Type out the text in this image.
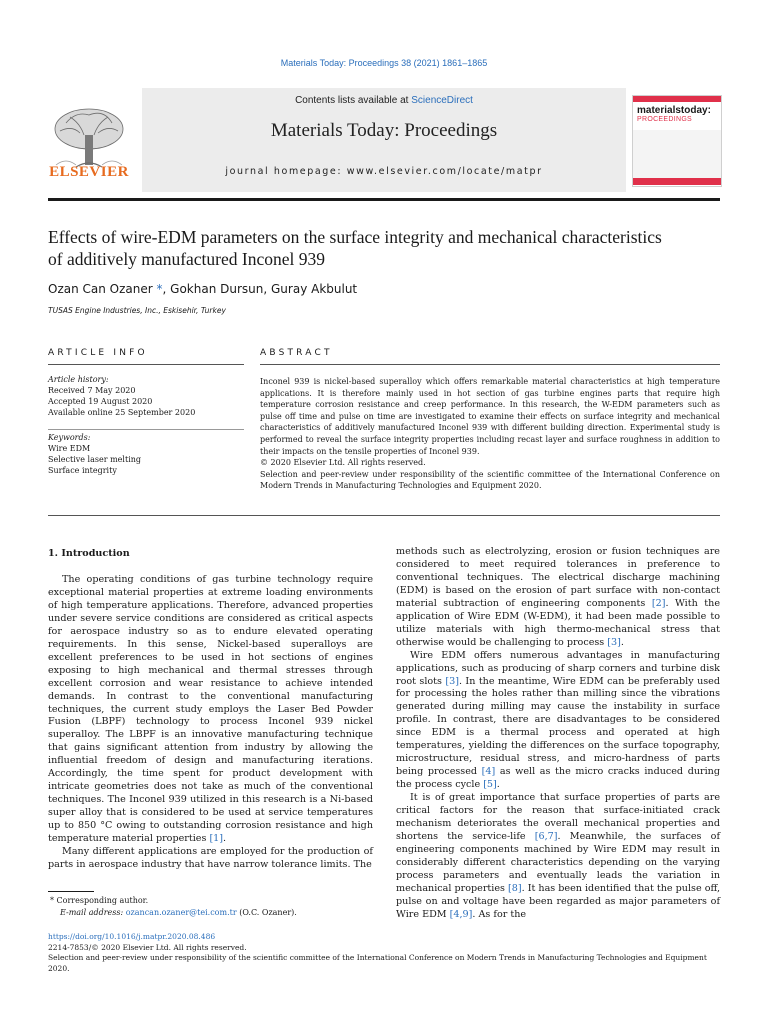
Materials Today: Proceedings 38 (2021) 1861–1865
ELSEVIER
Contents lists available at ScienceDirect
Materials Today: Proceedings
journal homepage: www.elsevier.com/locate/matpr
materialstoday:
PROCEEDINGS
Effects of wire-EDM parameters on the surface integrity and mechanical characteristics of additively manufactured Inconel 939
Ozan Can Ozaner *, Gokhan Dursun, Guray Akbulut
TUSAS Engine Industries, Inc., Eskisehir, Turkey
ARTICLE INFO	ABSTRACT
Article history:
Received 7 May 2020
Accepted 19 August 2020
Available online 25 September 2020
Keywords:
Wire EDM
Selective laser melting
Surface integrity

Inconel 939 is nickel-based superalloy which offers remarkable material characteristics at high temperature applications. It is therefore mainly used in hot section of gas turbine engines parts that require high temperature corrosion resistance and creep performance. In this research, the W-EDM parameters such as pulse off time and pulse on time are investigated to examine their effects on surface integrity and mechanical characteristics of additively manufactured Inconel 939 with different building direction. Experimental study is performed to reveal the surface integrity properties including recast layer and surface roughness in addition to their impacts on the tensile properties of Inconel 939.

© 2020 Elsevier Ltd. All rights reserved.

Selection and peer-review under responsibility of the scientific committee of the International Conference on Modern Trends in Manufacturing Technologies and Equipment 2020.

1. Introduction

The operating conditions of gas turbine technology require exceptional material properties at extreme loading environments of high temperature applications. Therefore, advanced properties under severe service conditions are considered as critical aspects for aerospace industry so as to endure elevated operating requirements. In this sense, Nickel-based superalloys are excellent preferences to be used in hot sections of engines exposing to high mechanical and thermal stresses through excellent corrosion and wear resistance to achieve intended demands. In contrast to the conventional manufacturing techniques, the current study employs the Laser Bed Powder Fusion (LBPF) technology to process Inconel 939 nickel superalloy. The LBPF is an innovative manufacturing technique that gains significant attention from industry by allowing the influential freedom of design and manufacturing iterations. Accordingly, the time spent for product development with intricate geometries does not take as much of the conventional techniques. The Inconel 939 utilized in this research is a Ni-based super alloy that is considered to be used at service temperatures up to 850 °C owing to outstanding corrosion resistance and high temperature material properties [1].

Many different applications are employed for the production of parts in aerospace industry that have narrow tolerance limits. The

methods such as electrolyzing, erosion or fusion techniques are considered to meet required tolerances in preference to conventional techniques. The electrical discharge machining (EDM) is based on the erosion of part surface with non-contact material subtraction of engineering components [2]. With the application of Wire EDM (W-EDM), it had been made possible to utilize materials with high thermo-mechanical stress that otherwise would be challenging to process [3].

Wire EDM offers numerous advantages in manufacturing applications, such as producing of sharp corners and turbine disk root slots [3]. In the meantime, Wire EDM can be preferably used for processing the holes rather than milling since the vibrations generated during milling may cause the instability in surface profile. In contrast, there are disadvantages to be considered since EDM is a thermal process and operated at high temperatures, yielding the differences on the surface topography, microstructure, residual stress, and micro-hardness of parts being processed [4] as well as the micro cracks induced during the process cycle [5].

It is of great importance that surface properties of parts are critical factors for the reason that surface-initiated crack mechanism deteriorates the overall mechanical properties and shortens the service-life [6,7]. Meanwhile, the surfaces of engineering components machined by Wire EDM may result in considerably different characteristics depending on the varying process parameters and eventually leads the variation in mechanical properties [8]. It has been identified that the pulse off, pulse on and voltage have been regarded as major parameters of Wire EDM [4,9]. As for the

* Corresponding author.
E-mail address: ozancan.ozaner@tei.com.tr (O.C. Ozaner).
https://doi.org/10.1016/j.matpr.2020.08.486
2214-7853/© 2020 Elsevier Ltd. All rights reserved.
Selection and peer-review under responsibility of the scientific committee of the International Conference on Modern Trends in Manufacturing Technologies and Equipment 2020.
